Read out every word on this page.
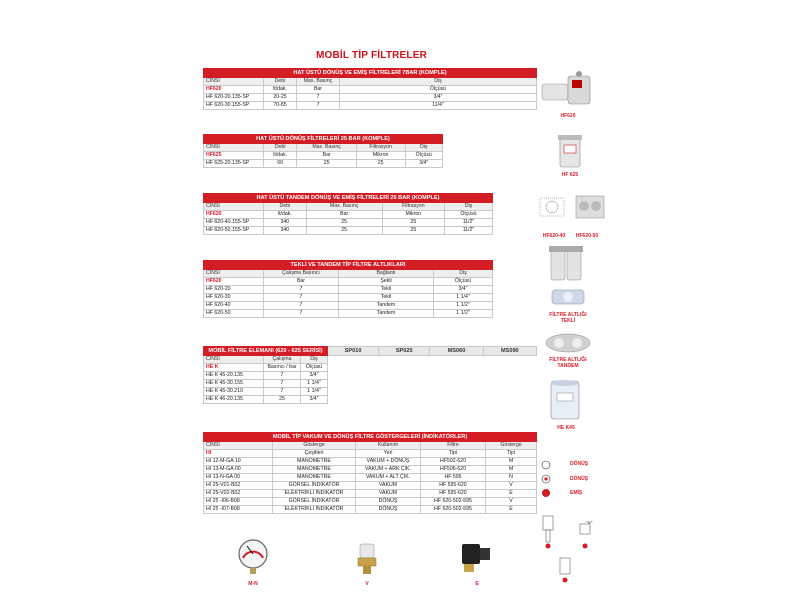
MOBİL TİP FİLTRELER
HAT ÜSTÜ DÖNÜŞ VE EMİŞ FİLTRELERİ 7BAR (KOMPLE)			
CİNSİ	Debi	Max. Basınç	Diş
HF620	lt/dak.	Bar	Ölçüsü
HF 620-20.135-SP	20-25	7	3/4"
HF 620-30.155-SP	70-85	7	11/4"
HAT ÜSTÜ DÖNÜŞ FİLTRELERİ 25 BAR (KOMPLE)				
CİNSİ	Debi	Max. Basınç	Filtrasyon	Diş
HF625	lt/dak.	Bar	Mikron	Ölçüsü
HF 625-20.135-SP	60	25	25	3/4"
HAT ÜSTÜ TANDEM DÖNÜŞ VE EMİŞ FİLTRELERİ 25 BAR (KOMPLE)				
CİNSİ	Debi	Max. Basınç	Filtrasyon	Diş
HF620	lt/dak.	Bar	Mikron	Ölçüsü
HF 620-40.155-SP	340	25	25	11/2"
HF 620-50.155-SP	340	25	25	11/2"
TEKLİ VE TANDEM TİP FİLTRE ALTLIKLARI			
CİNSİ	Çalışma Basıncı	Bağlantı	Diş
HF620	Bar	Şekli	Ölçüsü
HF 620-20	7	Tekli	3/4"
HF 620-30	7	Tekli	1 1/4"
HF 620-40	7	Tandem	1 1/2"
HF 620-50	7	Tandem	1 1/2"
MOBİL FİLTRE ELEMANI (620 - 625 SERİSİ)			SP010	SP025	MS060	MS090
CİNSİ	Çalışma	Diş				
HE K	Basıncı / bar	Ölçüsü				
HE K 45-20.135	7	3/4"				
HE K 45-30.155	7	1 1/4"				
HE K 45-30.210	7	1 1/4"				
HE K 46-20.135	25	3/4"				
MOBİL TİP VAKUM VE DÖNÜŞ FİLTRE GÖSTERGELERİ (İNDİKATÖRLER)				
CİNSİ	Gösterge	Kullanım	Filtre	Gösterge
HI	Çeşitleri	Yeri	Tipi	Tipi
HI 12-M-GA 10	MANOMETRE	VAKUM + DÖNÜŞ	HF502-620	M
HI 13-M-GA 00	MANOMETRE	VAKUM + ARK ÇIK.	HF506-620	M
HI 13-N-GA 00	MANOMETRE	VAKUM + ALT ÇIK.	HF 595	N
HI 25-V01-B02	GÖRSEL İNDİKATÖR	VAKUM	HF 595-620	V
HI 25-V02-B02	ELEKTRİKLİ İNDİKATÖR	VAKUM	HF 595-620	E
HI 25 -I06-B08	GÖRSEL İNDİKATÖR	DÖNÜŞ	HF 620-502-595	V
HI 25 -I07-B08	ELEKTRİKLİ İNDİKATÖR	DÖNÜŞ	HF 620-502-595	E
HF620
HF 625
HF620-40	HF620-50
FİLTRE ALTLIĞI
TEKLİ
FİLTRE ALTLIĞI
TANDEM
HE K45
DÖNÜŞ
DÖNÜŞ
EMİŞ
"V"
M-N	V	E
